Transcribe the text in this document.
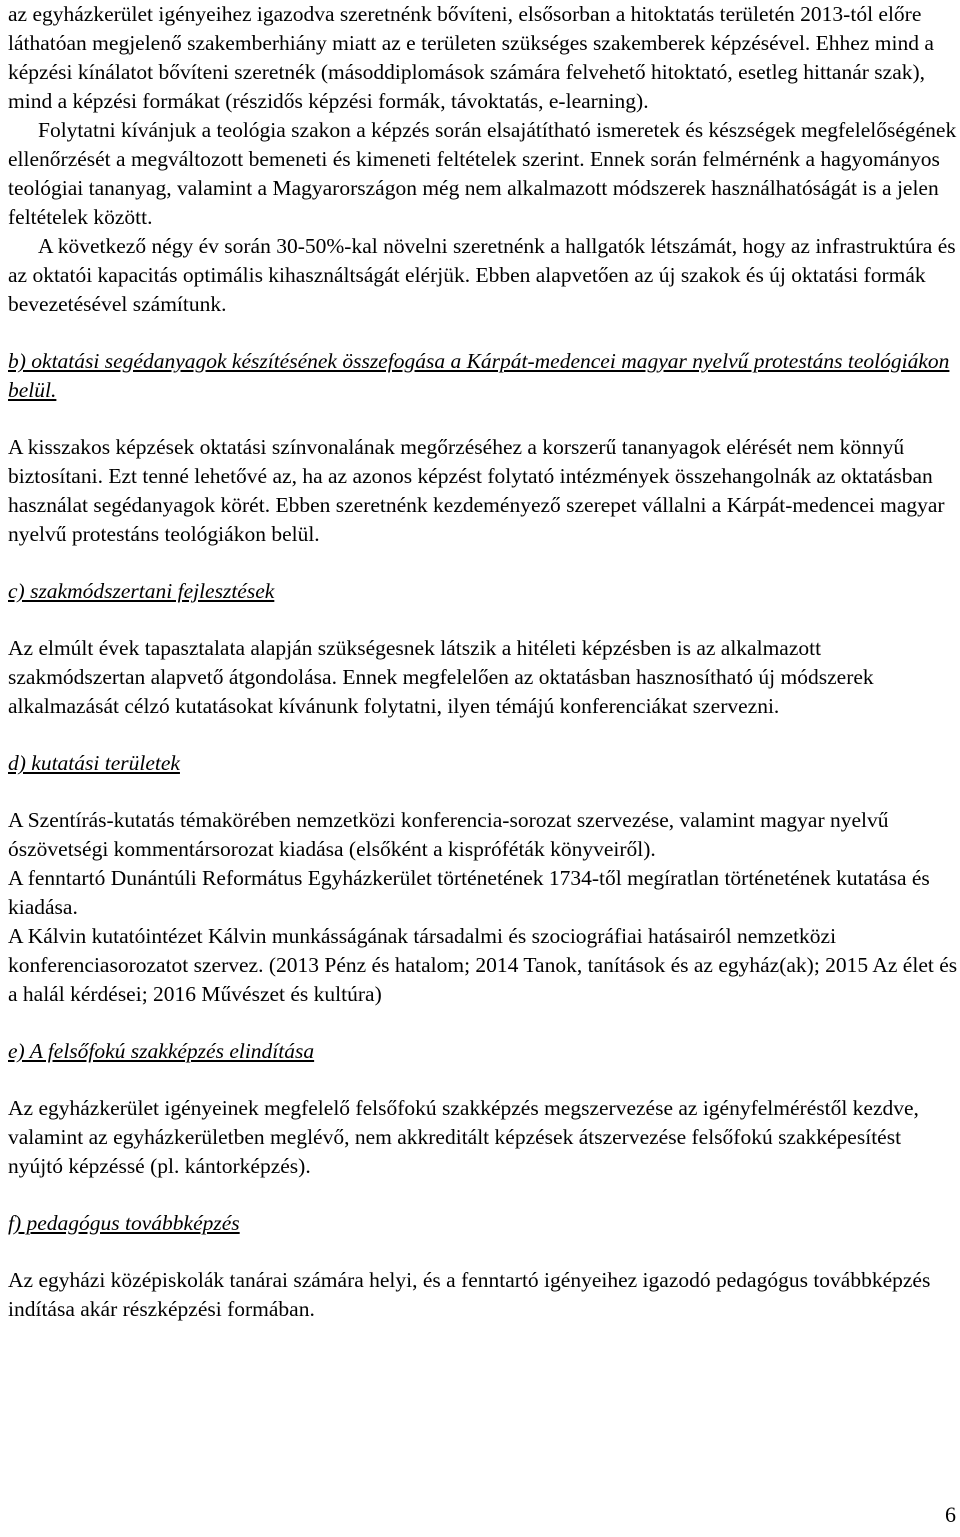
az egyházkerület igényeihez igazodva szeretnénk bővíteni, elsősorban a hitoktatás területén 2013-tól előre láthatóan megjelenő szakemberhiány miatt az e területen szükséges szakemberek képzésével. Ehhez mind a képzési kínálatot bővíteni szeretnék (másoddiplomások számára felvehető hitoktató, esetleg hittanár szak), mind a képzési formákat (részidős képzési formák, távoktatás, e-learning).

Folytatni kívánjuk a teológia szakon a képzés során elsajátítható ismeretek és készségek megfelelőségének ellenőrzését a megváltozott bemeneti és kimeneti feltételek szerint. Ennek során felmérnénk a hagyományos teológiai tananyag, valamint a Magyarországon még nem alkalmazott módszerek használhatóságát is a jelen feltételek között.

A következő négy év során 30-50%-kal növelni szeretnénk a hallgatók létszámát, hogy az infrastruktúra és az oktatói kapacitás optimális kihasználtságát elérjük. Ebben alapvetően az új szakok és új oktatási formák bevezetésével számítunk.

b) oktatási segédanyagok készítésének összefogása a Kárpát-medencei magyar nyelvű protestáns teológiákon belül.

A kisszakos képzések oktatási színvonalának megőrzéséhez a korszerű tananyagok elérését nem könnyű biztosítani. Ezt tenné lehetővé az, ha az azonos képzést folytató intézmények összehangolnák az oktatásban használat segédanyagok körét. Ebben szeretnénk kezdeményező szerepet vállalni a Kárpát-medencei magyar nyelvű protestáns teológiákon belül.

c) szakmódszertani fejlesztések

Az elmúlt évek tapasztalata alapján szükségesnek látszik a hitéleti képzésben is az alkalmazott szakmódszertan alapvető átgondolása. Ennek megfelelően az oktatásban hasznosítható új módszerek alkalmazását célzó kutatásokat kívánunk folytatni, ilyen témájú konferenciákat szervezni.

d) kutatási területek

A Szentírás-kutatás témakörében nemzetközi konferencia-sorozat szervezése, valamint magyar nyelvű ószövetségi kommentársorozat kiadása (elsőként a kispróféták könyveiről).

A fenntartó Dunántúli Református Egyházkerület történetének 1734-től megíratlan történetének kutatása és kiadása.

A Kálvin kutatóintézet Kálvin munkásságának társadalmi és szociográfiai hatásairól nemzetközi konferenciasorozatot szervez. (2013 Pénz és hatalom; 2014 Tanok, tanítások és az egyház(ak); 2015 Az élet és a halál kérdései; 2016 Művészet és kultúra)

e) A felsőfokú szakképzés elindítása

Az egyházkerület igényeinek megfelelő felsőfokú szakképzés megszervezése az igényfelméréstől kezdve, valamint az egyházkerületben meglévő, nem akkreditált képzések átszervezése felsőfokú szakképesítést nyújtó képzéssé (pl. kántorképzés).

f) pedagógus továbbképzés

Az egyházi középiskolák tanárai számára helyi, és a fenntartó igényeihez igazodó pedagógus továbbképzés indítása akár részképzési formában.

6
